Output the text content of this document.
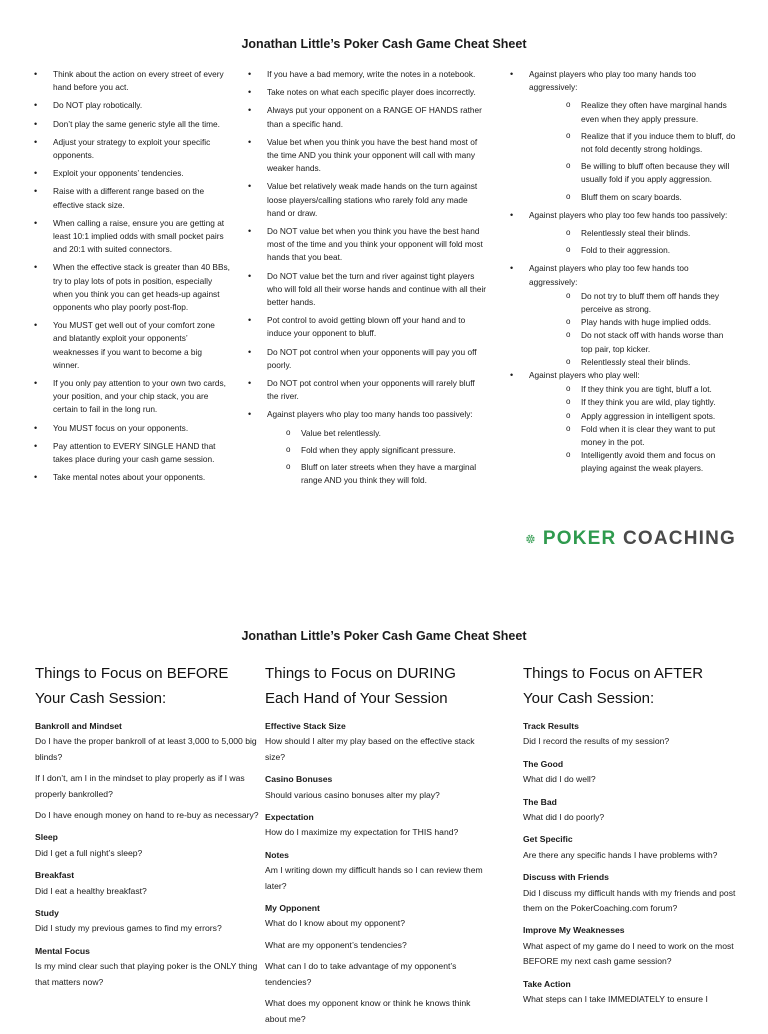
Jonathan Little’s Poker Cash Game Cheat Sheet
• Think about the action on every street of every hand before you act.
• Do NOT play robotically.
• Don’t play the same generic style all the time.
• Adjust your strategy to exploit your specific opponents.
• Exploit your opponents’ tendencies.
• Raise with a different range based on the effective stack size.
• When calling a raise, ensure you are getting at least 10:1 implied odds with small pocket pairs and 20:1 with suited connectors.
• When the effective stack is greater than 40 BBs, try to play lots of pots in position, especially when you think you can get heads-up against opponents who play poorly post-flop.
• You MUST get well out of your comfort zone and blatantly exploit your opponents’ weaknesses if you want to become a big winner.
• If you only pay attention to your own two cards, your position, and your chip stack, you are certain to fail in the long run.
• You MUST focus on your opponents.
• Pay attention to EVERY SINGLE HAND that takes place during your cash game session.
• Take mental notes about your opponents.
• If you have a bad memory, write the notes in a notebook.
• Take notes on what each specific player does incorrectly.
• Always put your opponent on a RANGE OF HANDS rather than a specific hand.
• Value bet when you think you have the best hand most of the time AND you think your opponent will call with many weaker hands.
• Value bet relatively weak made hands on the turn against loose players/calling stations who rarely fold any made hand or draw.
• Do NOT value bet when you think you have the best hand most of the time and you think your opponent will fold most hands that you beat.
• Do NOT value bet the turn and river against tight players who will fold all their worse hands and continue with all their better hands.
• Pot control to avoid getting blown off your hand and to induce your opponent to bluff.
• Do NOT pot control when your opponents will pay you off poorly.
• Do NOT pot control when your opponents will rarely bluff the river.
• Against players who play too many hands too passively:
o Value bet relentlessly.
o Fold when they apply significant pressure.
o Bluff on later streets when they have a marginal range AND you think they will fold.
• Against players who play too many hands too aggressively:
o Realize they often have marginal hands even when they apply pressure.
o Realize that if you induce them to bluff, do not fold decently strong holdings.
o Be willing to bluff often because they will usually fold if you apply aggression.
o Bluff them on scary boards.
• Against players who play too few hands too passively:
o Relentlessly steal their blinds.
o Fold to their aggression.
• Against players who play too few hands too aggressively:
o Do not try to bluff them off hands they perceive as strong.
o Play hands with huge implied odds.
o Do not stack off with hands worse than top pair, top kicker.
o Relentlessly steal their blinds.
• Against players who play well:
o If they think you are tight, bluff a lot.
o If they think you are wild, play tightly.
o Apply aggression in intelligent spots.
o Fold when it is clear they want to put money in the pot.
o Intelligently avoid them and focus on playing against the weak players.
POKER COACHING
Jonathan Little’s Poker Cash Game Cheat Sheet
Things to Focus on BEFORE
Your Cash Session:
Bankroll and Mindset
Do I have the proper bankroll of at least 3,000 to 5,000 big blinds?
If I don’t, am I in the mindset to play properly as if I was properly bankrolled?
Do I have enough money on hand to re-buy as necessary?
Sleep
Did I get a full night’s sleep?
Breakfast
Did I eat a healthy breakfast?
Study
Did I study my previous games to find my errors?
Mental Focus
Is my mind clear such that playing poker is the ONLY thing that matters now?
Things to Focus on DURING
Each Hand of Your Session
Effective Stack Size
How should I alter my play based on the effective stack size?
Casino Bonuses
Should various casino bonuses alter my play?
Expectation
How do I maximize my expectation for THIS hand?
Notes
Am I writing down my difficult hands so I can review them later?
My Opponent
What do I know about my opponent?
What are my opponent’s tendencies?
What can I do to take advantage of my opponent’s tendencies?
What does my opponent know or think he knows think about me?
Things to Focus on AFTER
Your Cash Session:
Track Results
Did I record the results of my session?
The Good
What did I do well?
The Bad
What did I do poorly?
Get Specific
Are there any specific hands I have problems with?
Discuss with Friends
Did I discuss my difficult hands with my friends and post them on the PokerCoaching.com forum?
Improve My Weaknesses
What aspect of my game do I need to work on the most BEFORE my next cash game session?
Take Action
What steps can I take IMMEDIATELY to ensure I
